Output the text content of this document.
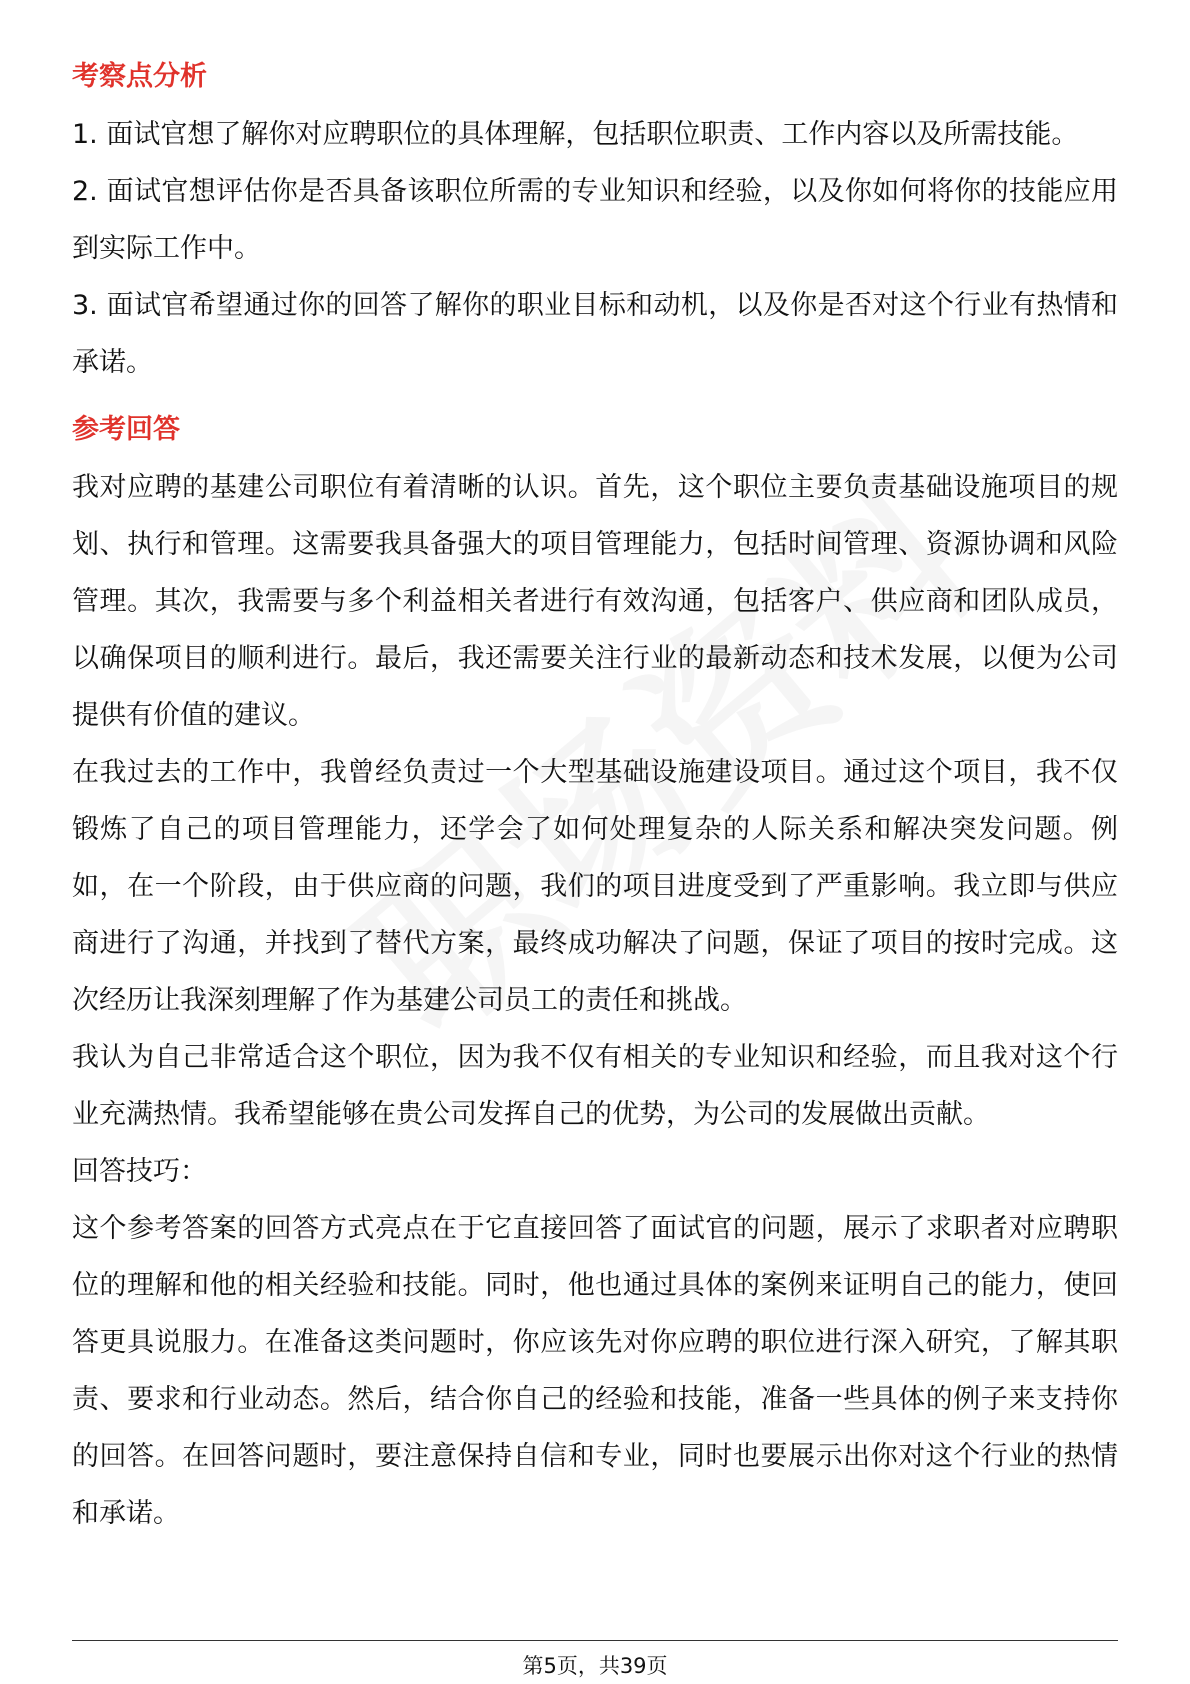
考察点分析

1. 面试官想了解你对应聘职位的具体理解，包括职位职责、工作内容以及所需技能。

2. 面试官想评估你是否具备该职位所需的专业知识和经验，以及你如何将你的技能应用到实际工作中。

3. 面试官希望通过你的回答了解你的职业目标和动机，以及你是否对这个行业有热情和承诺。

参考回答

我对应聘的基建公司职位有着清晰的认识。首先，这个职位主要负责基础设施项目的规划、执行和管理。这需要我具备强大的项目管理能力，包括时间管理、资源协调和风险管理。其次，我需要与多个利益相关者进行有效沟通，包括客户、供应商和团队成员，以确保项目的顺利进行。最后，我还需要关注行业的最新动态和技术发展，以便为公司提供有价值的建议。

在我过去的工作中，我曾经负责过一个大型基础设施建设项目。通过这个项目，我不仅锻炼了自己的项目管理能力，还学会了如何处理复杂的人际关系和解决突发问题。例如，在一个阶段，由于供应商的问题，我们的项目进度受到了严重影响。我立即与供应商进行了沟通，并找到了替代方案，最终成功解决了问题，保证了项目的按时完成。这次经历让我深刻理解了作为基建公司员工的责任和挑战。

我认为自己非常适合这个职位，因为我不仅有相关的专业知识和经验，而且我对这个行业充满热情。我希望能够在贵公司发挥自己的优势，为公司的发展做出贡献。

回答技巧：

这个参考答案的回答方式亮点在于它直接回答了面试官的问题，展示了求职者对应聘职位的理解和他的相关经验和技能。同时，他也通过具体的案例来证明自己的能力，使回答更具说服力。在准备这类问题时，你应该先对你应聘的职位进行深入研究，了解其职责、要求和行业动态。然后，结合你自己的经验和技能，准备一些具体的例子来支持你的回答。在回答问题时，要注意保持自信和专业，同时也要展示出你对这个行业的热情和承诺。

第5页，共39页
